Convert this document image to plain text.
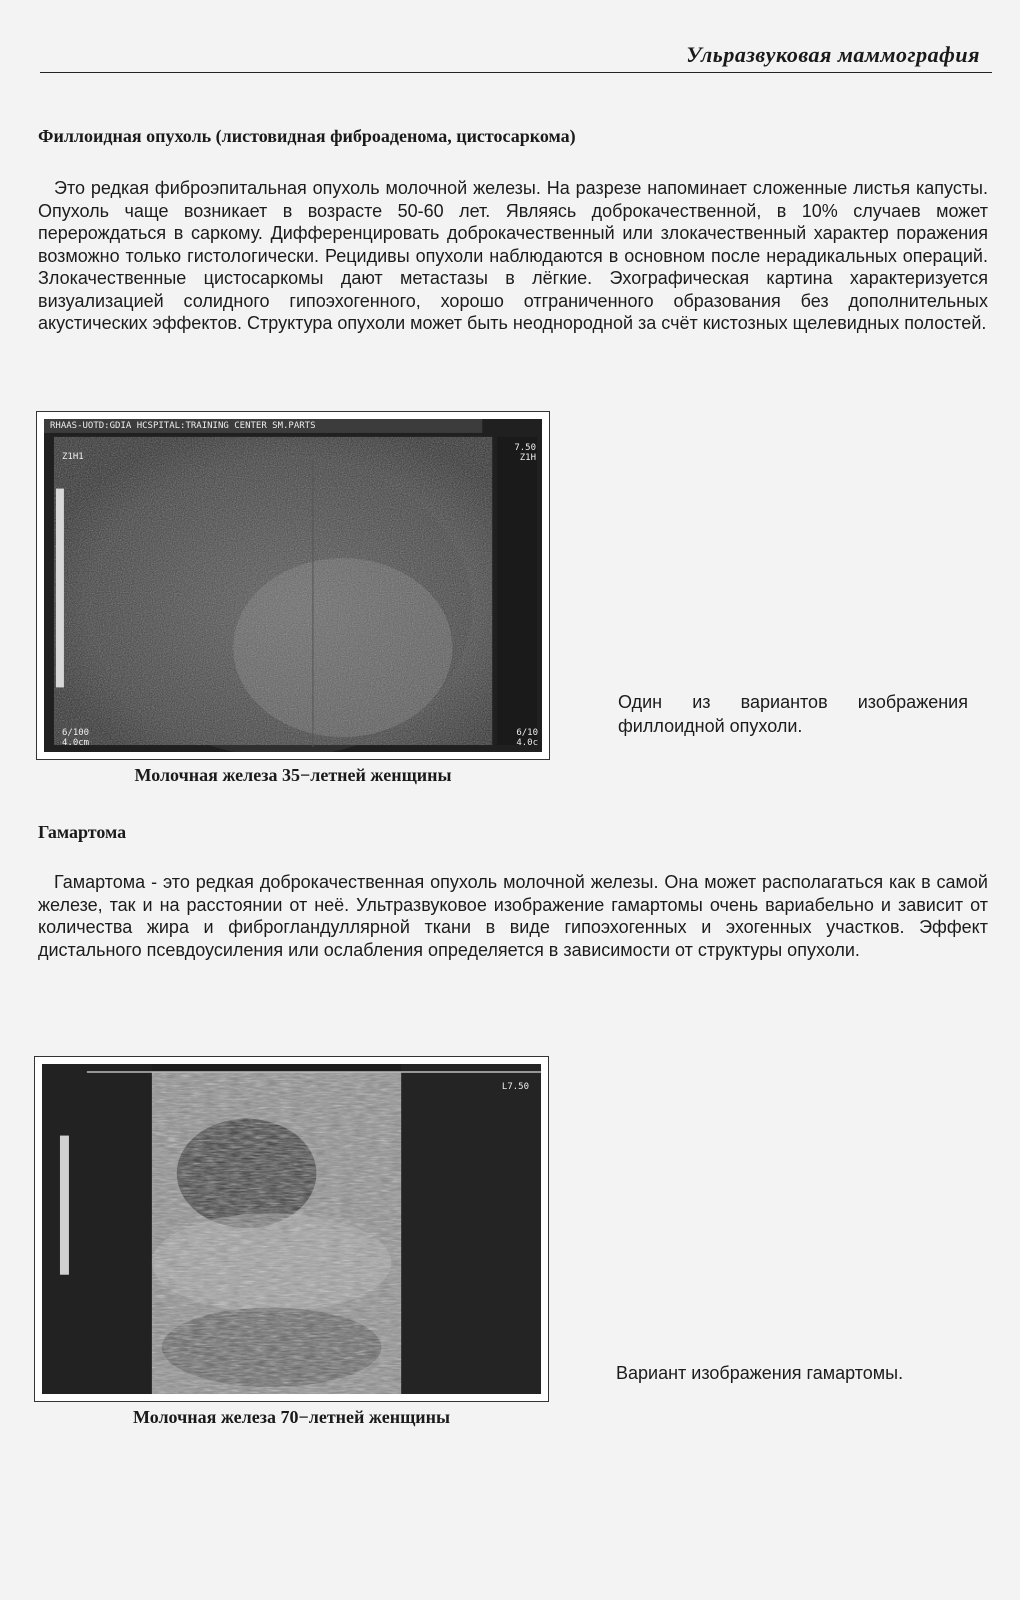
Ульразвуковая маммография
Филлоидная опухоль (листовидная фиброаденома, цистосаркома)
Это редкая фиброэпитальная опухоль молочной железы. На разрезе напоминает сложенные листья капусты. Опухоль чаще возникает в возрасте 50-60 лет. Являясь доброкачественной, в 10% случаев может перерождаться в саркому. Дифференцировать доброкачественный или злокачественный характер поражения возможно только гистологически. Рецидивы опухоли наблюдаются в основном после нерадикальных операций. Злокачественные цистосаркомы дают метастазы в лёгкие. Эхографическая картина характеризуется визуализацией солидного гипоэхогенного, хорошо отграниченного образования без дополнительных акустических эффектов. Структура опухоли может быть неоднородной за счёт кистозных щелевидных полостей.
RHAAS-UOTD:GDIA HCSPITAL:TRAINING CENTER SM.PARTS
Z1H1
7.50
Z1H
6/100
4.0cm
6/10
4.0c
Молочная железа 35−летней женщины
Один из вариантов изображения филлоидной опухоли.
Гамартома
Гамартома - это редкая доброкачественная опухоль молочной железы. Она может располагаться как в самой железе, так и на расстоянии от неё. Ультразвуковое изображение гамартомы очень вариабельно и зависит от количества жира и фиброгландуллярной ткани в виде гипоэхогенных и эхогенных участков. Эффект дистального псевдоусиления или ослабления определяется в зависимости от структуры опухоли.
L7.50
Молочная железа 70−летней женщины
Вариант изображения гамартомы.
